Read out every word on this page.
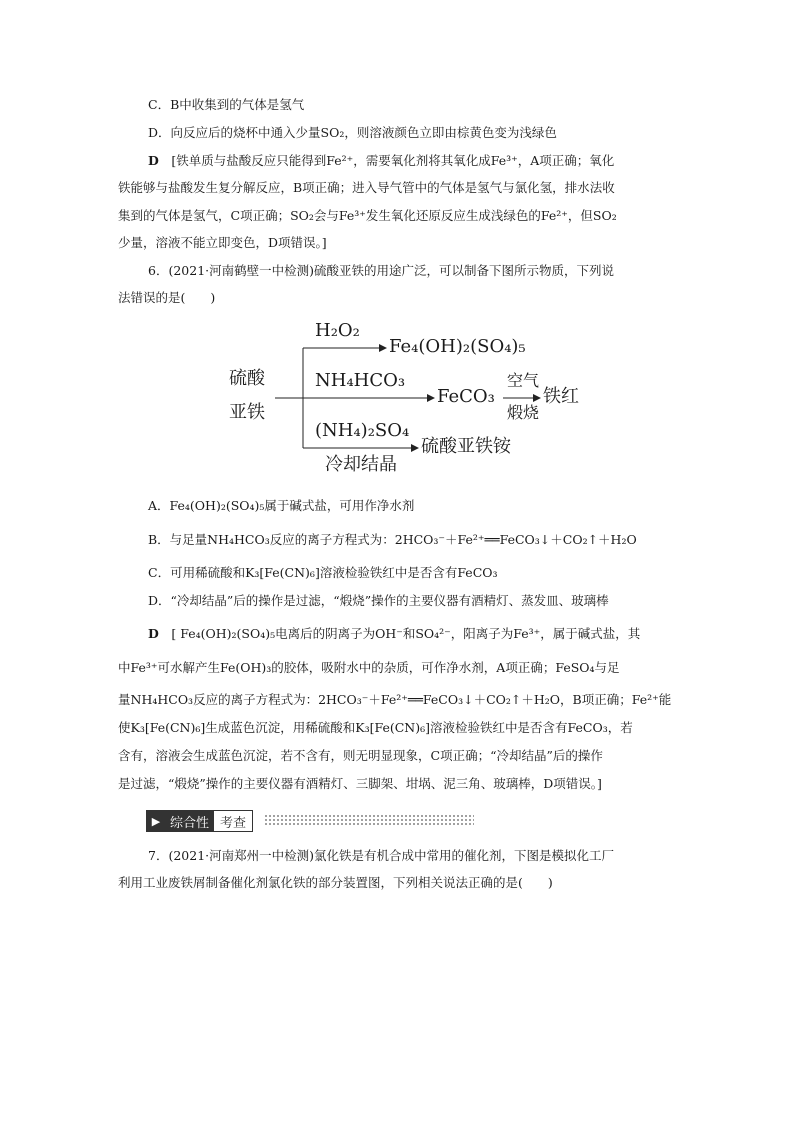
C．B中收集到的气体是氢气
D．向反应后的烧杯中通入少量SO₂，则溶液颜色立即由棕黄色变为浅绿色
D　 [铁单质与盐酸反应只能得到Fe²⁺，需要氧化剂将其氧化成Fe³⁺，A项正确；氧化
铁能够与盐酸发生复分解反应，B项正确；进入导气管中的气体是氢气与氯化氢，排水法收
集到的气体是氢气，C项正确；SO₂会与Fe³⁺发生氧化还原反应生成浅绿色的Fe²⁺，但SO₂
少量，溶液不能立即变色，D项错误。]
6．(2021·河南鹤壁一中检测)硫酸亚铁的用途广泛，可以制备下图所示物质，下列说
法错误的是(　　)
硫酸
亚铁
H₂O₂
Fe₄(OH)₂(SO₄)₅
NH₄HCO₃
FeCO₃
空气
煅烧
铁红
(NH₄)₂SO₄
冷却结晶
硫酸亚铁铵
A．Fe₄(OH)₂(SO₄)₅属于碱式盐，可用作净水剂
B．与足量NH₄HCO₃反应的离子方程式为：2HCO₃⁻＋Fe²⁺══FeCO₃↓＋CO₂↑＋H₂O
C．可用稀硫酸和K₃[Fe(CN)₆]溶液检验铁红中是否含有FeCO₃
D．“冷却结晶”后的操作是过滤，“煅烧”操作的主要仪器有酒精灯、蒸发皿、玻璃棒
D　 [ Fe₄(OH)₂(SO₄)₅电离后的阴离子为OH⁻和SO₄²⁻，阳离子为Fe³⁺，属于碱式盐，其
中Fe³⁺可水解产生Fe(OH)₃的胶体，吸附水中的杂质，可作净水剂，A项正确；FeSO₄与足
量NH₄HCO₃反应的离子方程式为：2HCO₃⁻＋Fe²⁺══FeCO₃↓＋CO₂↑＋H₂O，B项正确；Fe²⁺能
使K₃[Fe(CN)₆]生成蓝色沉淀，用稀硫酸和K₃[Fe(CN)₆]溶液检验铁红中是否含有FeCO₃，若
含有，溶液会生成蓝色沉淀，若不含有，则无明显现象，C项正确；“冷却结晶”后的操作
是过滤，“煅烧”操作的主要仪器有酒精灯、三脚架、坩埚、泥三角、玻璃棒，D项错误。]
▶ 综合性 考查
7．(2021·河南郑州一中检测)氯化铁是有机合成中常用的催化剂，下图是模拟化工厂
利用工业废铁屑制备催化剂氯化铁的部分装置图，下列相关说法正确的是(　　)
